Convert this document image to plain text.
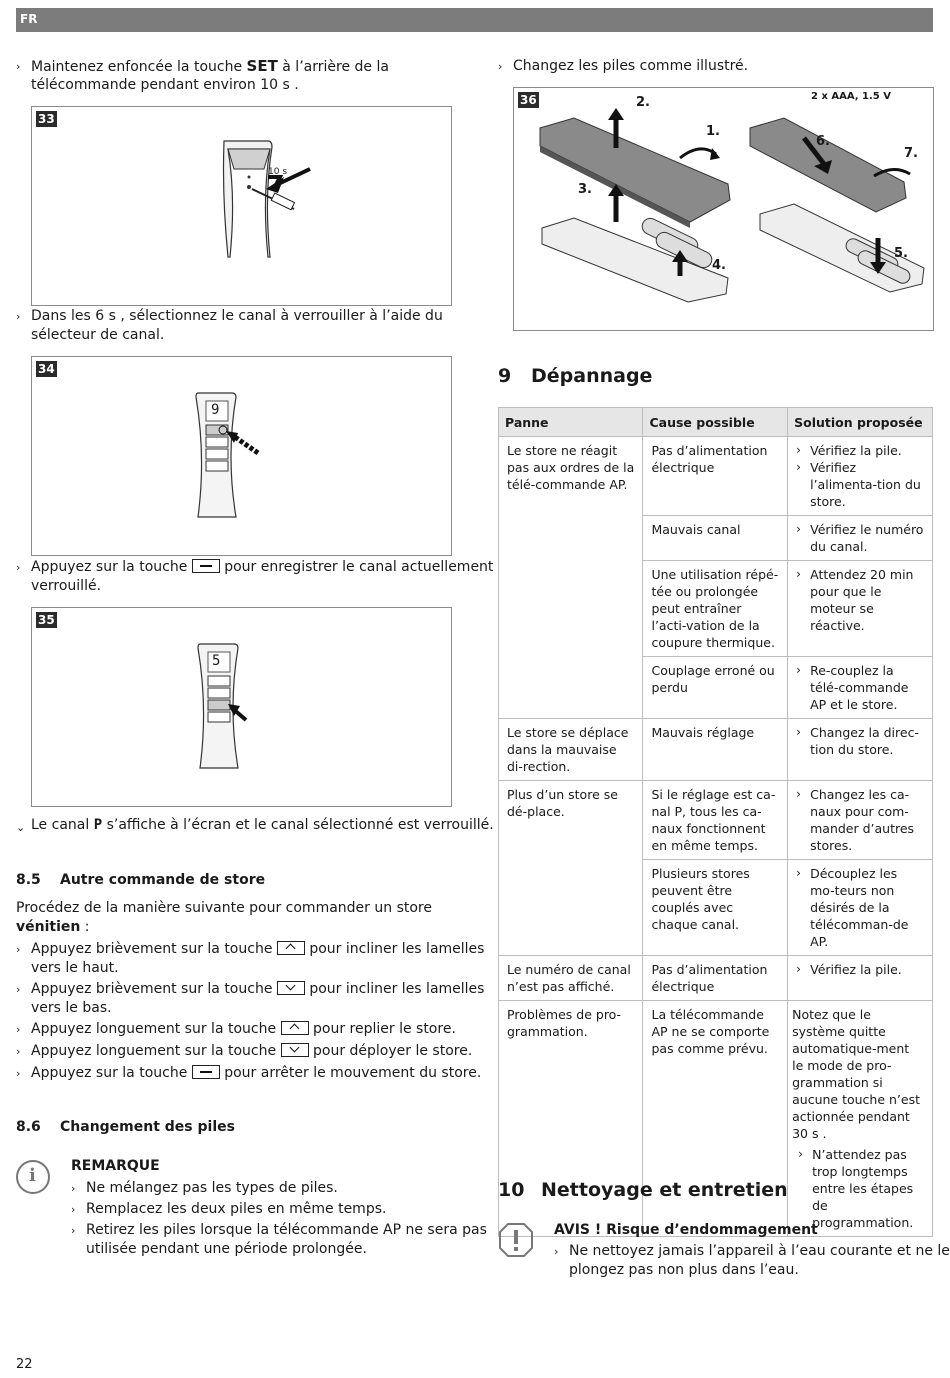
FR
› Maintenez enfoncée la touche SET à l’arrière de la
télécommande pendant environ 10 s .
33
10 s
› Dans les 6 s , sélectionnez le canal à verrouiller à l’aide du
sélecteur de canal.
34
9
› Appuyez sur la touche  pour enregistrer le canal actuellement
verrouillé.
35
5
⌄ Le canal P s’affiche à l’écran et le canal sélectionné est verrouillé.
8.5 Autre commande de store
Procédez de la manière suivante pour commander un store
vénitien :
› Appuyez brièvement sur la touche  pour incliner les lamelles
vers le haut.
› Appuyez brièvement sur la touche  pour incliner les lamelles
vers le bas.
› Appuyez longuement sur la touche  pour replier le store.
› Appuyez longuement sur la touche  pour déployer le store.
› Appuyez sur la touche  pour arrêter le mouvement du store.
8.6 Changement des piles
i	REMARQUE
› Ne mélangez pas les types de piles.
› Remplacez les deux piles en même temps.
› Retirez les piles lorsque la télécommande AP ne sera pas
utilisée pendant une période prolongée.
› Changez les piles comme illustré.
36	2 x AAA, 1.5 V
2.
1.
3.
4.
6.
7.
5.
9 Dépannage
Panne	Cause possible	Solution proposée
Le store ne réagit pas aux ordres de la télé-commande AP.	Pas d’alimentation électrique	› Vérifiez la pile.
› Vérifiez l’alimenta-tion du store.

	Mauvais canal	› Vérifiez le numéro du canal.

	Une utilisation répé-tée ou prolongée peut entraîner l’acti-vation de la coupure thermique.	› Attendez 20 min pour que le moteur se réactive.

	Couplage erroné ou perdu	› Re-couplez la télé-commande AP et le store.

Le store se déplace dans la mauvaise di-rection.	Mauvais réglage	› Changez la direc-tion du store.

Plus d’un store se dé-place.	Si le réglage est ca-nal P, tous les ca-naux fonctionnent en même temps.	› Changez les ca-naux pour com-mander d’autres stores.

	Plusieurs stores peuvent être couplés avec chaque canal.	› Découplez les mo-teurs non désirés de la télécomman-de AP.

Le numéro de canal n’est pas affiché.	Pas d’alimentation électrique	› Vérifiez la pile.

Problèmes de pro-grammation.	La télécommande AP ne se comporte pas comme prévu.	Notez que le système quitte automatique-ment le mode de pro-grammation si aucune touche n’est actionnée pendant 30 s .
› N’attendez pas trop longtemps entre les étapes de programmation.
10 Nettoyage et entretien
AVIS ! Risque d’endommagement
› Ne nettoyez jamais l’appareil à l’eau courante et ne le
plongez pas non plus dans l’eau.
22
